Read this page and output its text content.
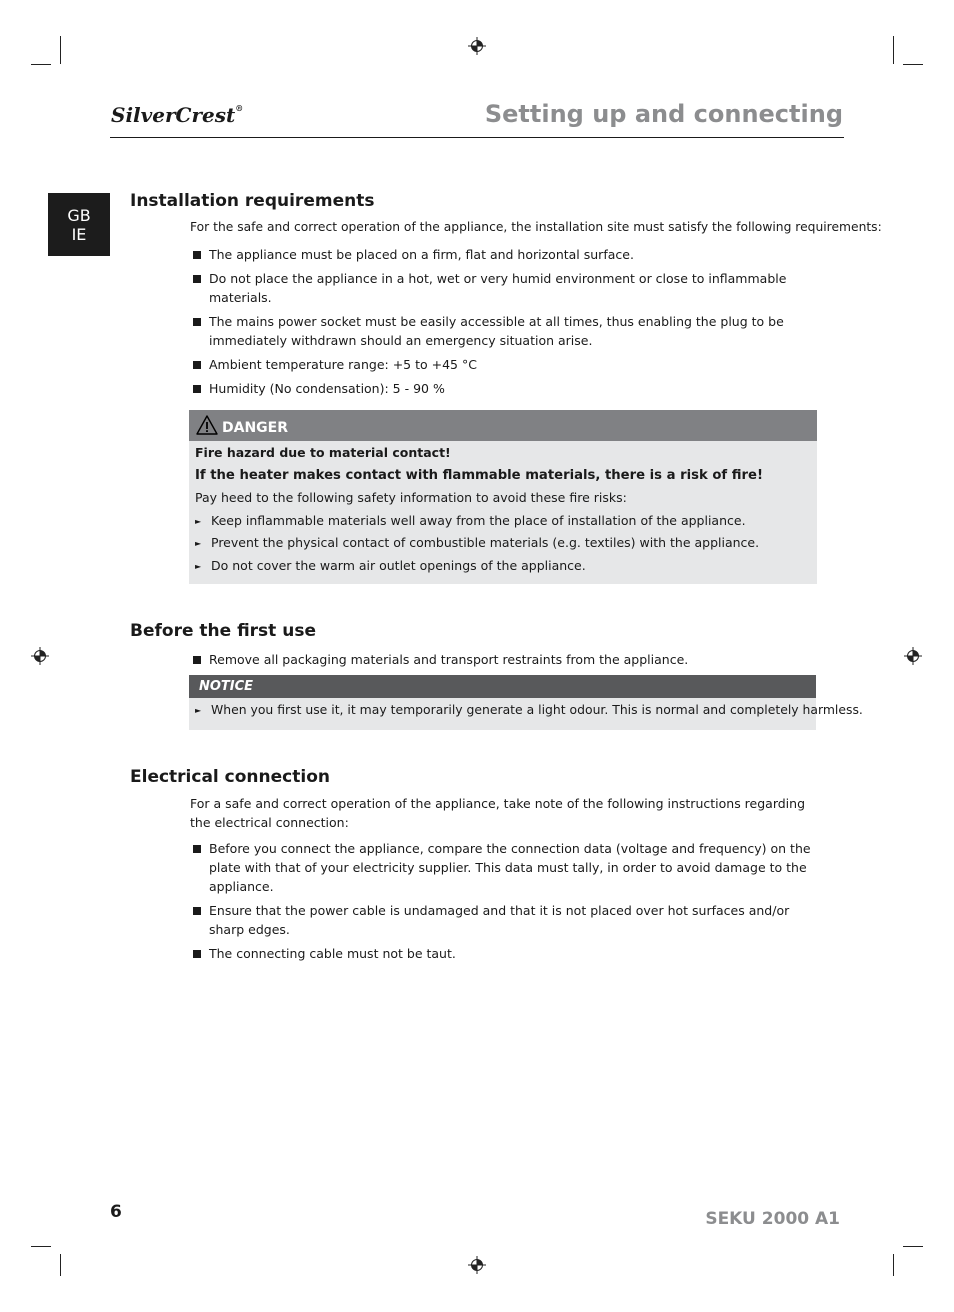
SilverCrest®	Setting up and connecting
GB
IE
Installation requirements
For the safe and correct operation of the appliance, the installation site must satisfy the following requirements:
The appliance must be placed on a firm, flat and horizontal surface.
Do not place the appliance in a hot, wet or very humid environment or close to inflammable materials.
The mains power socket must be easily accessible at all times, thus enabling the plug to be immediately withdrawn should an emergency situation arise.
Ambient temperature range: +5 to +45 °C
Humidity (No condensation): 5 - 90 %
DANGER
Fire hazard due to material contact!
If the heater makes contact with flammable materials, there is a risk of fire!
Pay heed to the following safety information to avoid these fire risks:
► Keep inflammable materials well away from the place of installation of the appliance.
► Prevent the physical contact of combustible materials (e.g. textiles) with the appliance.
► Do not cover the warm air outlet openings of the appliance.
Before the first use
Remove all packaging materials and transport restraints from the appliance.
NOTICE
► When you first use it, it may temporarily generate a light odour. This is normal and completely harmless.
Electrical connection
For a safe and correct operation of the appliance, take note of the following instructions regarding the electrical connection:
Before you connect the appliance, compare the connection data (voltage and frequency) on the plate with that of your electricity supplier. This data must tally, in order to avoid damage to the appliance.
Ensure that the power cable is undamaged and that it is not placed over hot surfaces and/or sharp edges.
The connecting cable must not be taut.
6	SEKU 2000 A1
